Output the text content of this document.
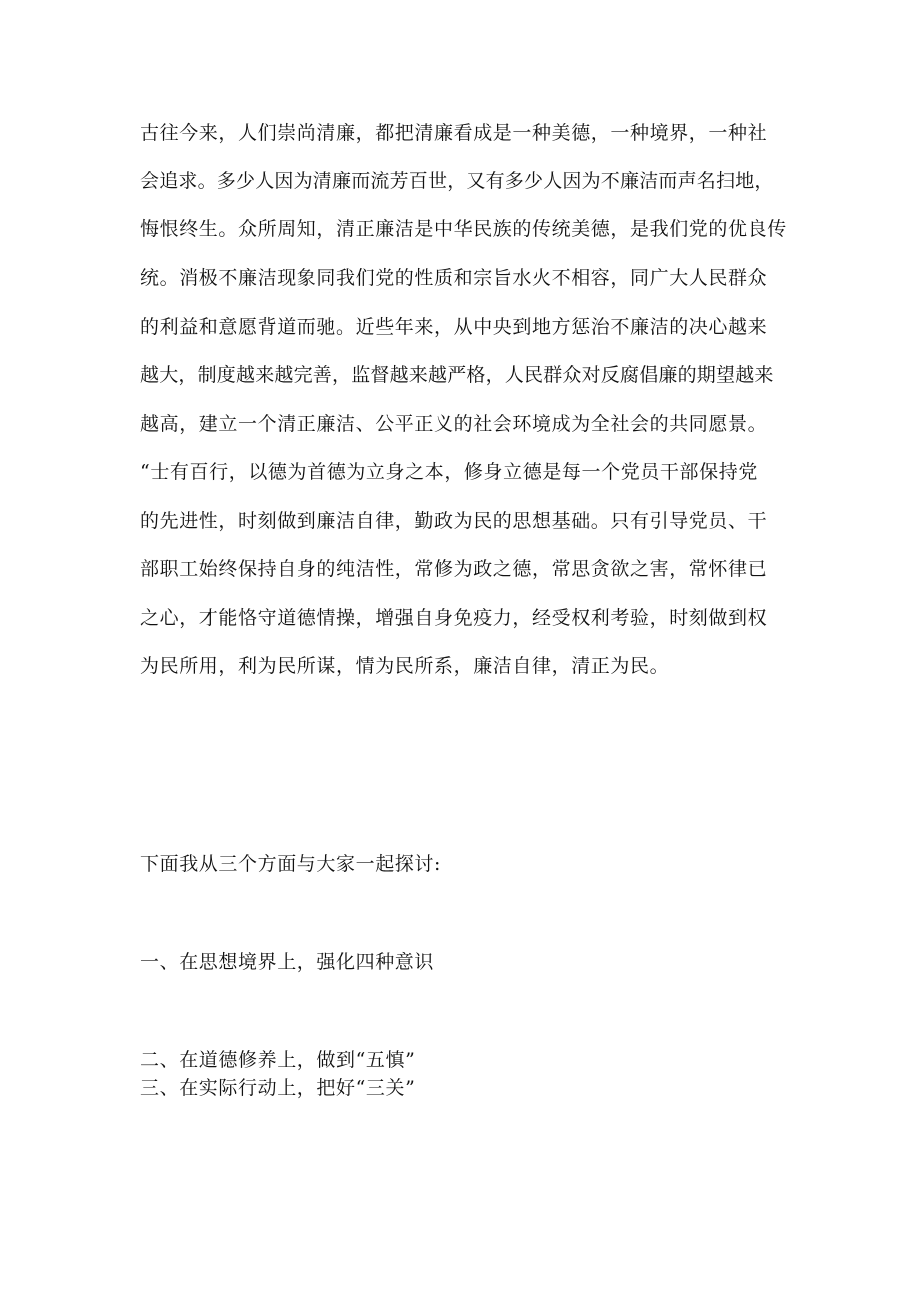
古往今来，人们崇尚清廉，都把清廉看成是一种美德，一种境界，一种社
会追求。多少人因为清廉而流芳百世，又有多少人因为不廉洁而声名扫地，
悔恨终生。众所周知，清正廉洁是中华民族的传统美德，是我们党的优良传
统。消极不廉洁现象同我们党的性质和宗旨水火不相容，同广大人民群众
的利益和意愿背道而驰。近些年来，从中央到地方惩治不廉洁的决心越来
越大，制度越来越完善，监督越来越严格，人民群众对反腐倡廉的期望越来
越高，建立一个清正廉洁、公平正义的社会环境成为全社会的共同愿景。
“士有百行，以德为首德为立身之本，修身立德是每一个党员干部保持党
的先进性，时刻做到廉洁自律，勤政为民的思想基础。只有引导党员、干
部职工始终保持自身的纯洁性，常修为政之德，常思贪欲之害，常怀律已
之心，才能恪守道德情操，增强自身免疫力，经受权利考验，时刻做到权
为民所用，利为民所谋，情为民所系，廉洁自律，清正为民。
下面我从三个方面与大家一起探讨:
一、在思想境界上，强化四种意识
二、在道德修养上，做到“五慎”
三、在实际行动上，把好“三关”
